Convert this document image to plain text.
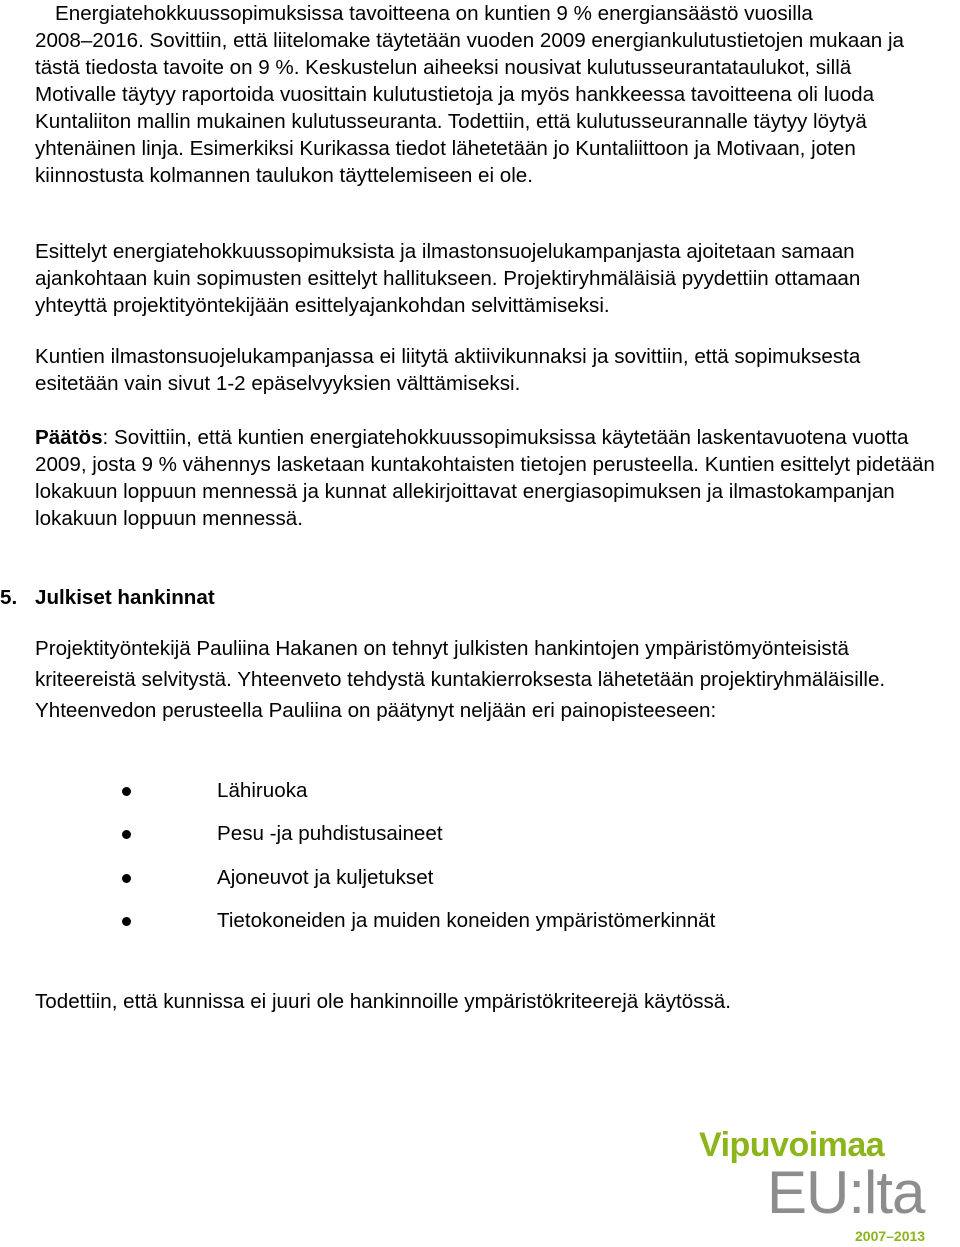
Energiatehokkuussopimuksissa tavoitteena on kuntien 9 % energiansäästö vuosilla
2008–2016. Sovittiin, että liitelomake täytetään vuoden 2009 energiankulutustietojen mukaan ja tästä tiedosta tavoite on 9 %. Keskustelun aiheeksi nousivat kulutusseurantataulukot, sillä Motivalle täytyy raportoida vuosittain kulutustietoja ja myös hankkeessa tavoitteena oli luoda Kuntaliiton mallin mukainen kulutusseuranta. Todettiin, että kulutusseurannalle täytyy löytyä yhtenäinen linja. Esimerkiksi Kurikassa tiedot lähetetään jo Kuntaliittoon ja Motivaan, joten kiinnostusta kolmannen taulukon täyttelemiseen ei ole.

Esittelyt energiatehokkuussopimuksista ja ilmastonsuojelukampanjasta ajoitetaan samaan ajankohtaan kuin sopimusten esittelyt hallitukseen. Projektiryhmäläisiä pyydettiin ottamaan yhteyttä projektityöntekijään esittelyajankohdan selvittämiseksi.

Kuntien ilmastonsuojelukampanjassa ei liitytä aktiivikunnaksi ja sovittiin, että sopimuksesta esitetään vain sivut 1-2 epäselvyyksien välttämiseksi.

Päätös: Sovittiin, että kuntien energiatehokkuussopimuksissa käytetään laskentavuotena vuotta 2009, josta 9 % vähennys lasketaan kuntakohtaisten tietojen perusteella. Kuntien esittelyt pidetään lokakuun loppuun mennessä ja kunnat allekirjoittavat energiasopimuksen ja ilmastokampanjan lokakuun loppuun mennessä.

5. Julkiset hankinnat

Projektityöntekijä Pauliina Hakanen on tehnyt julkisten hankintojen ympäristömyönteisistä kriteereistä selvitystä. Yhteenveto tehdystä kuntakierroksesta lähetetään projektiryhmäläisille. Yhteenvedon perusteella Pauliina on päätynyt neljään eri painopisteeseen:

Lähiruoka
Pesu -ja puhdistusaineet
Ajoneuvot ja kuljetukset
Tietokoneiden ja muiden koneiden ympäristömerkinnät

Todettiin, että kunnissa ei juuri ole hankinnoille ympäristökriteerejä käytössä.

Vipuvoimaa
EU:lta
2007–2013
